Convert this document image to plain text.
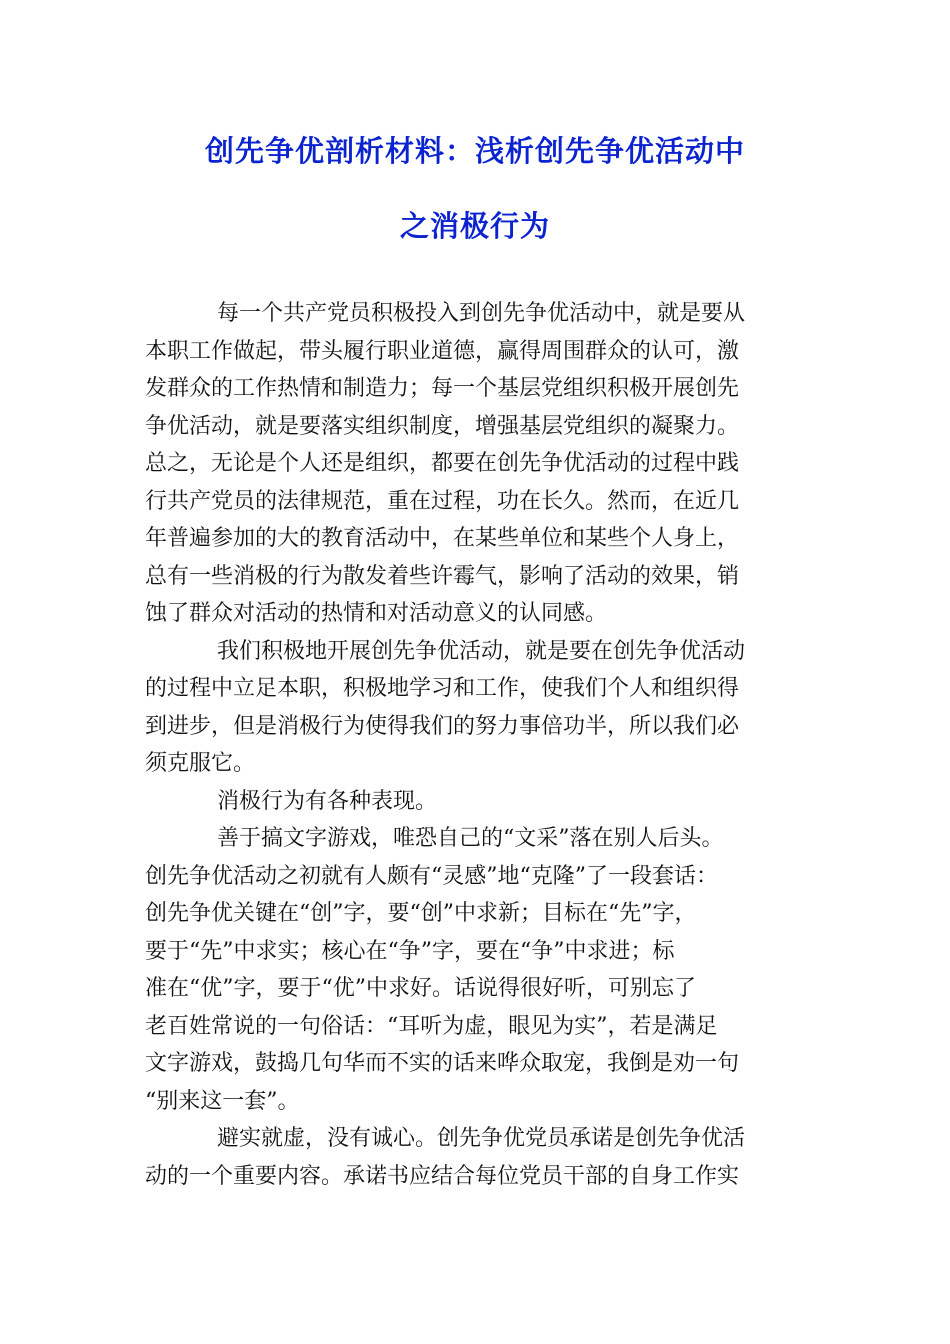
创先争优剖析材料：浅析创先争优活动中
之消极行为
每一个共产党员积极投入到创先争优活动中，就是要从
本职工作做起，带头履行职业道德，赢得周围群众的认可，激
发群众的工作热情和制造力；每一个基层党组织积极开展创先
争优活动，就是要落实组织制度，增强基层党组织的凝聚力。
总之，无论是个人还是组织，都要在创先争优活动的过程中践
行共产党员的法律规范，重在过程，功在长久。然而，在近几
年普遍参加的大的教育活动中，在某些单位和某些个人身上，
总有一些消极的行为散发着些许霉气，影响了活动的效果，销
蚀了群众对活动的热情和对活动意义的认同感。
我们积极地开展创先争优活动，就是要在创先争优活动
的过程中立足本职，积极地学习和工作，使我们个人和组织得
到进步，但是消极行为使得我们的努力事倍功半，所以我们必
须克服它。
消极行为有各种表现。
善于搞文字游戏，唯恐自己的“文采”落在别人后头。
创先争优活动之初就有人颇有“灵感”地“克隆”了一段套话：
创先争优关键在“创”字，要“创”中求新；目标在“先”字，
要于“先”中求实；核心在“争”字，要在“争”中求进；标
准在“优”字，要于“优”中求好。话说得很好听，可别忘了
老百姓常说的一句俗话：“耳听为虚，眼见为实”，若是满足
文字游戏，鼓捣几句华而不实的话来哗众取宠，我倒是劝一句
“别来这一套”。
避实就虚，没有诚心。创先争优党员承诺是创先争优活
动的一个重要内容。承诺书应结合每位党员干部的自身工作实
